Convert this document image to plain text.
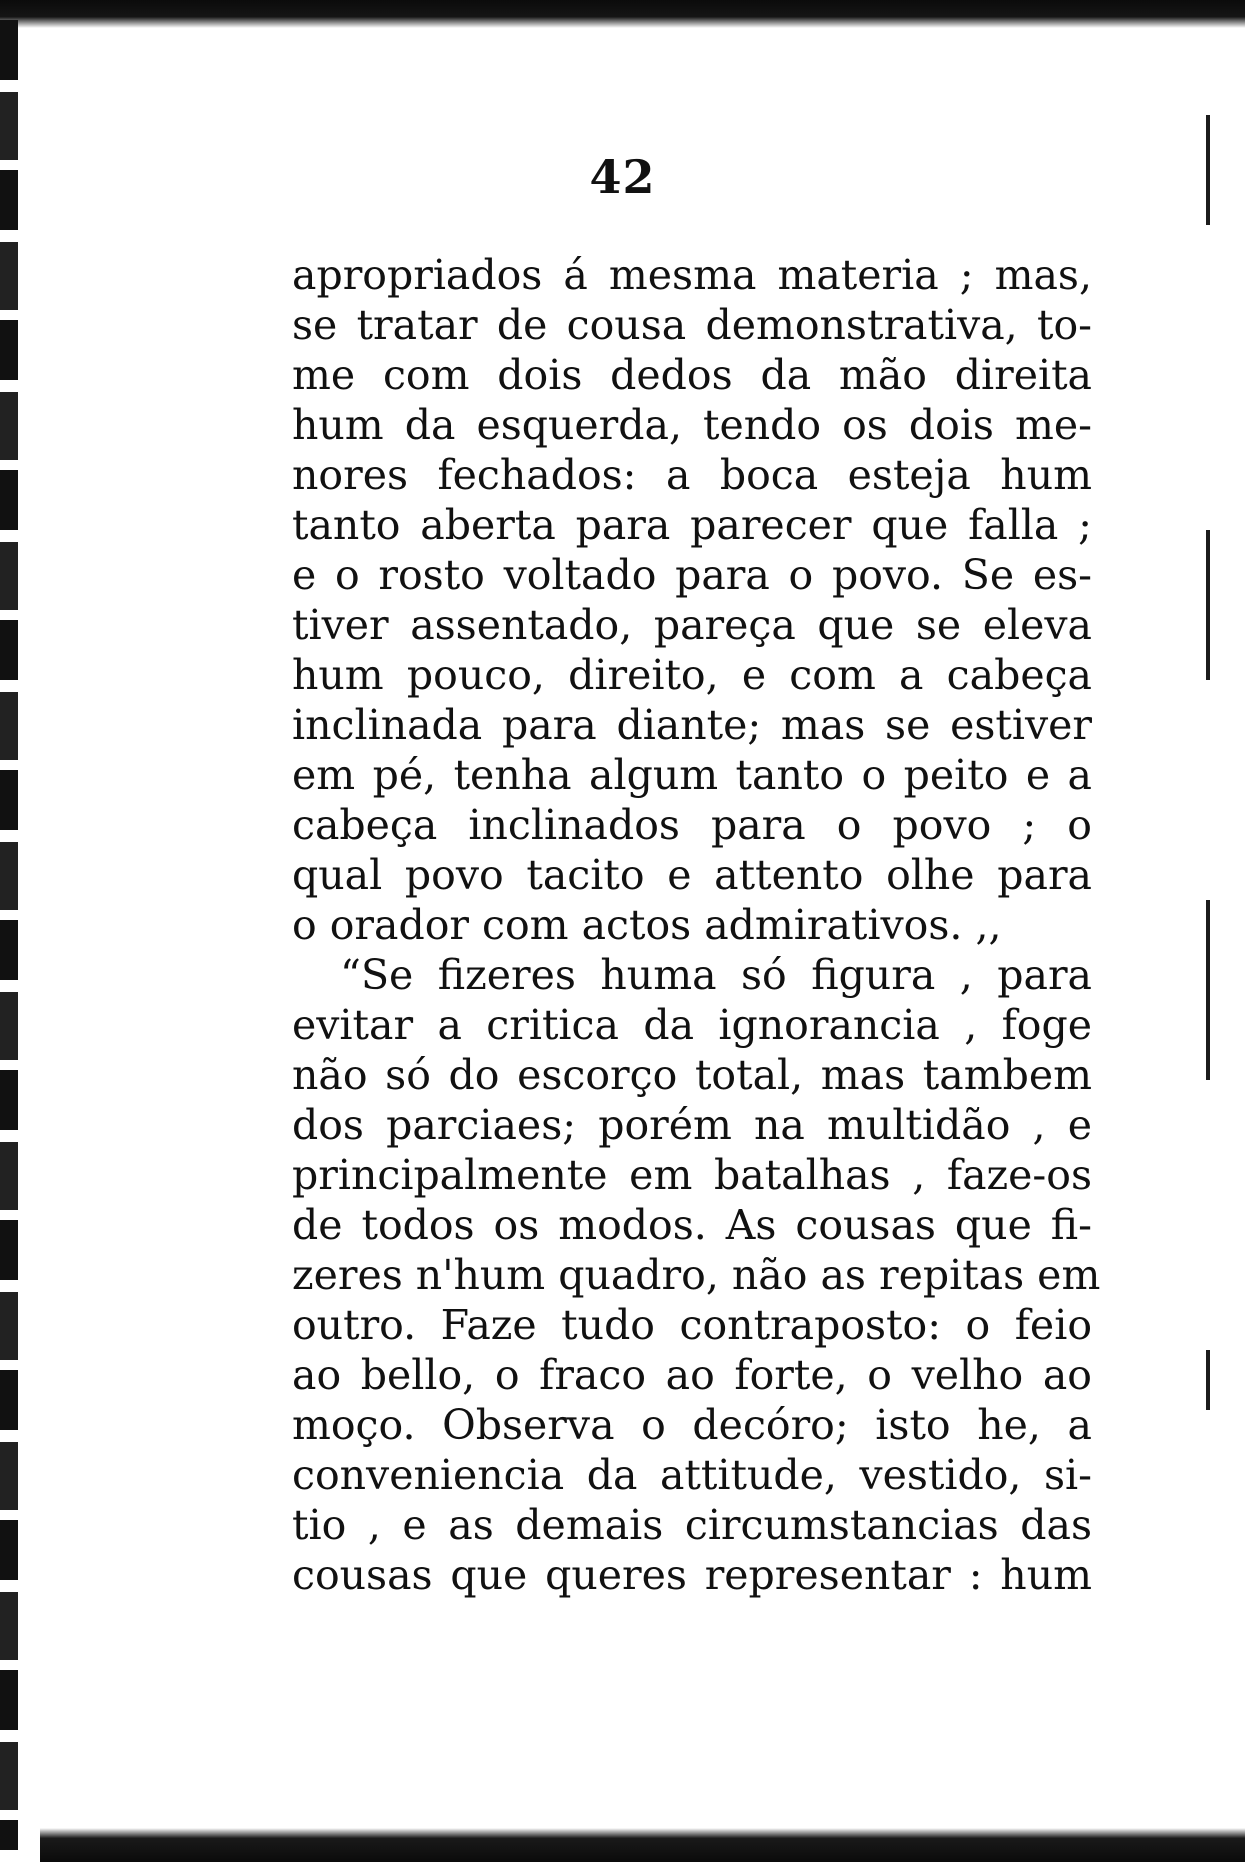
42
apropriados á mesma materia ; mas,
se tratar de cousa demonstrativa, to-
me com dois dedos da mão direita
hum da esquerda, tendo os dois me-
nores fechados: a boca esteja hum
tanto aberta para parecer que falla ;
e o rosto voltado para o povo. Se es-
tiver assentado, pareça que se eleva
hum pouco, direito, e com a cabeça
inclinada para diante; mas se estiver
em pé, tenha algum tanto o peito e a
cabeça inclinados para o povo ; o
qual povo tacito e attento olhe para
o orador com actos admirativos. ,,
“Se fizeres huma só figura , para
evitar a critica da ignorancia , foge
não só do escorço total, mas tambem
dos parciaes; porém na multidão , e
principalmente em batalhas , faze-os
de todos os modos. As cousas que fi-
zeres n'hum quadro, não as repitas em
outro. Faze tudo contraposto: o feio
ao bello, o fraco ao forte, o velho ao
moço. Observa o decóro; isto he, a
conveniencia da attitude, vestido, si-
tio , e as demais circumstancias das
cousas que queres representar : hum
